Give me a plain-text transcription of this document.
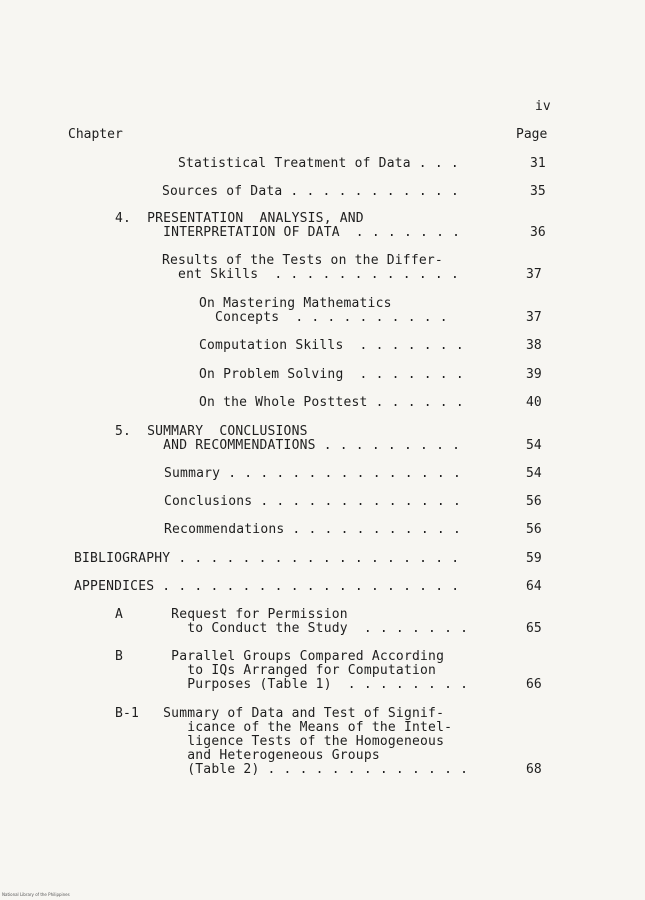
iv
Chapter	Page
Statistical Treatment of Data . . .	31
Sources of Data . . . . . . . . . . .	35
4.  PRESENTATION  ANALYSIS, AND
INTERPRETATION OF DATA  . . . . . . .	36
Results of the Tests on the Differ-
ent Skills  . . . . . . . . . . . .	37
On Mastering Mathematics
Concepts  . . . . . . . . . .	37
Computation Skills  . . . . . . .	38
On Problem Solving  . . . . . . .	39
On the Whole Posttest . . . . . .	40
5.  SUMMARY  CONCLUSIONS
AND RECOMMENDATIONS . . . . . . . . .	54
Summary . . . . . . . . . . . . . . .	54
Conclusions . . . . . . . . . . . . .	56
Recommendations . . . . . . . . . . .	56
BIBLIOGRAPHY . . . . . . . . . . . . . . . . . .	59
APPENDICES . . . . . . . . . . . . . . . . . . .	64
A      Request for Permission
to Conduct the Study  . . . . . . .	65
B      Parallel Groups Compared According
to IQs Arranged for Computation
Purposes (Table 1)  . . . . . . . .	66
B-1   Summary of Data and Test of Signif-
icance of the Means of the Intel-
ligence Tests of the Homogeneous
and Heterogeneous Groups
(Table 2) . . . . . . . . . . . . .	68
National Library of the Philippines
